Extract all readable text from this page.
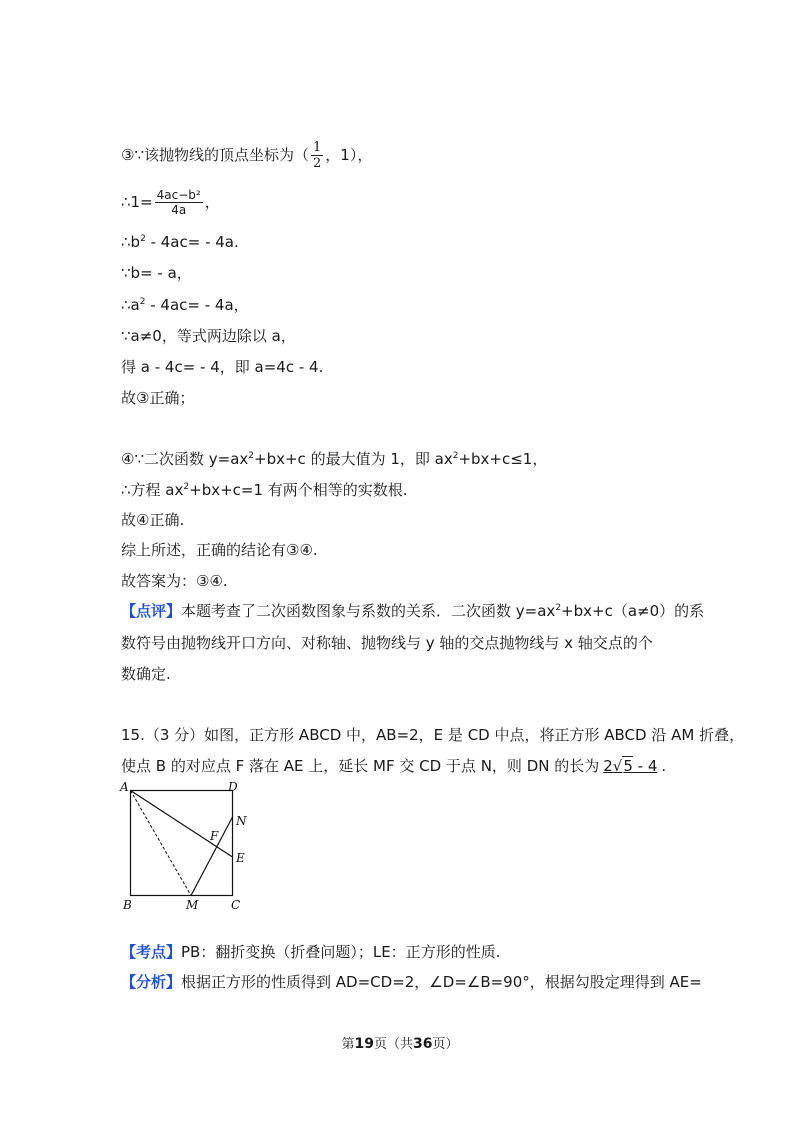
③∵该抛物线的顶点坐标为（ $\frac{1}{2}$ ，1），
∴1= $\frac{\text{4ac−b²}}{4a}$ ，
$\therefore b^2 - 4ac= - 4a$.
∵b= - a，
$\therefore a^2 - 4ac= - 4a$，
∵a≠0，等式两边除以 a，
得 a - 4c= - 4，即 a=4c - 4.
故③正确；
④∵二次函数 $y=ax^2+bx+c$ 的最大值为 1，即 $ax^2+bx+c\le 1$，
∴方程 $ax^2+bx+c=1$ 有两个相等的实数根.
故④正确.
综上所述，正确的结论有③④.
故答案为：③④.
【点评】本题考查了二次函数图象与系数的关系．二次函数 $y=ax^2+bx+c(a\ne 0)$的系
数符号由抛物线开口方向、对称轴、抛物线与 y 轴的交点抛物线与 x 轴交点的个
数确定.
15.（3 分）如图，正方形 ABCD 中，AB=2，E 是 CD 中点，将正方形 ABCD 沿 AM 折叠，
使点 B 的对应点 F 落在 AE 上，延长 MF 交 CD 于点 N，则 DN 的长为 2√5 - 4 .
A	D
B	C
M
N
E
F
【考点】PB：翻折变换（折叠问题）；LE：正方形的性质.
【分析】根据正方形的性质得到 AD=CD=2，∠D=∠B=90°，根据勾股定理得到 AE=
第19页（共36页）
